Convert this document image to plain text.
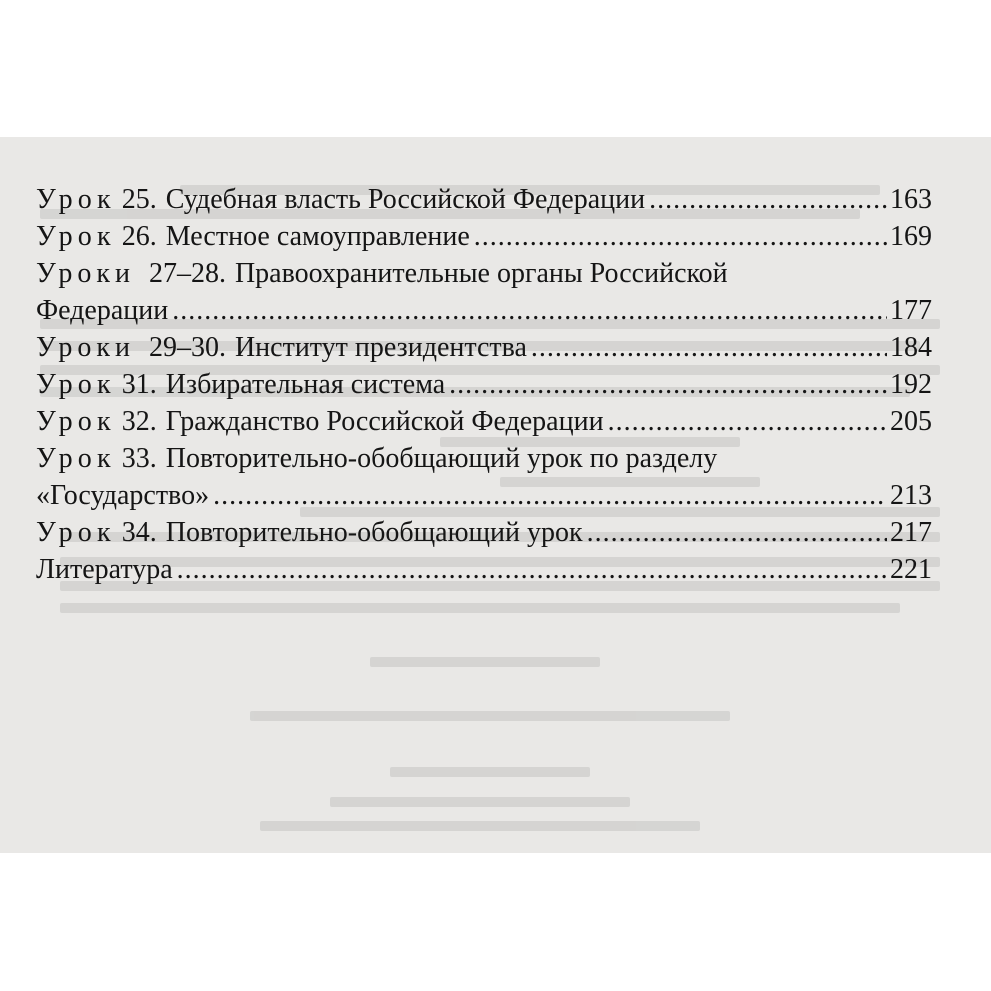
Урок 25. Судебная власть Российской Федерации .....	163
Урок 26. Местное самоуправление .....	169
Уроки 27–28. Правоохранительные органы Российской
Федерации .....	177
Уроки 29–30. Институт президентства .....	184
Урок 31. Избирательная система .....	192
Урок 32. Гражданство Российской Федерации .....	205
Урок 33. Повторительно-обобщающий урок по разделу
«Государство» .....	213
Урок 34. Повторительно-обобщающий урок .....	217
Литература .....	221
